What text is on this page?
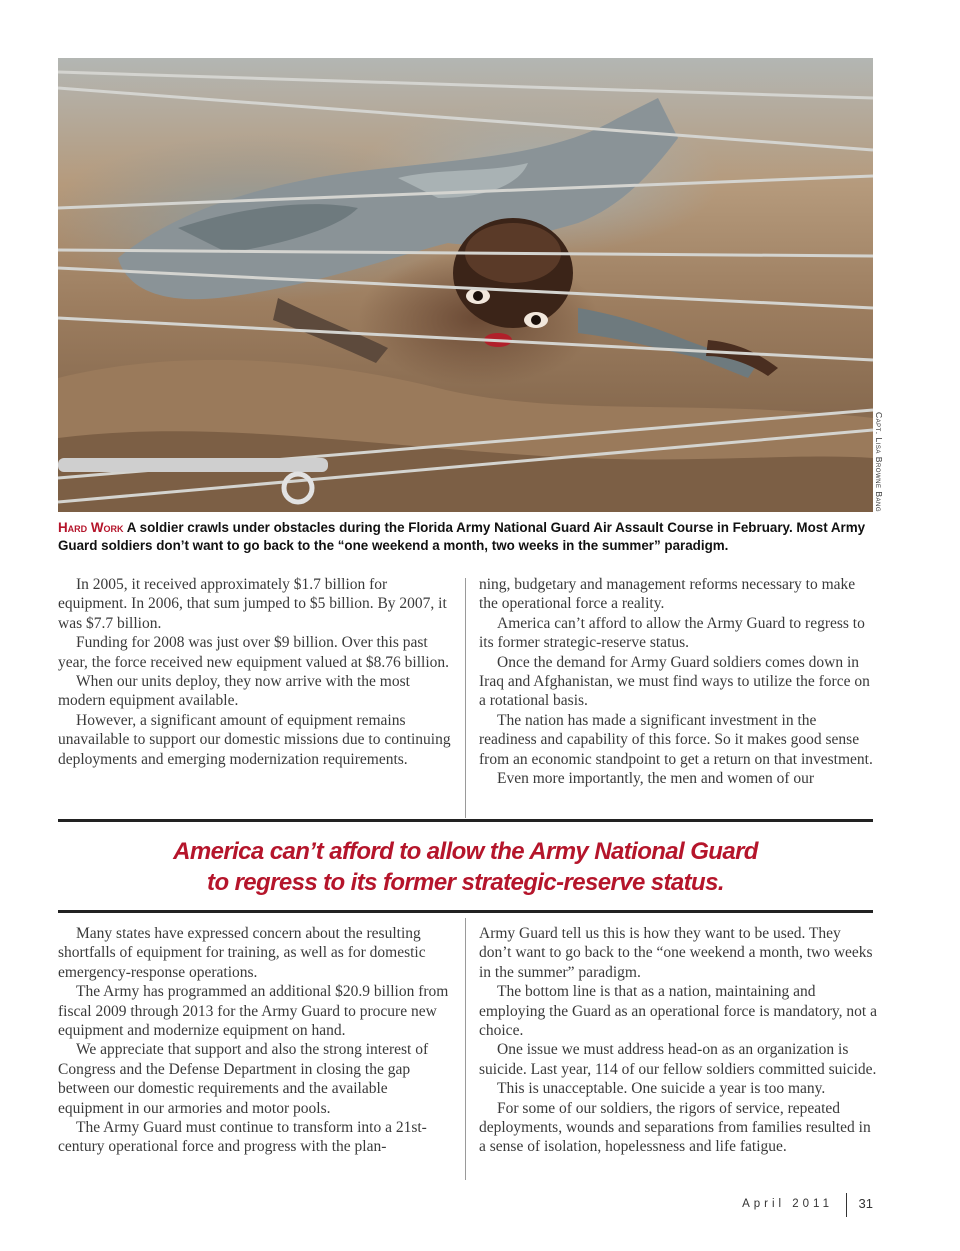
Capt. Lisa Browne Bang
Hard Work A soldier crawls under obstacles during the Florida Army National Guard Air Assault Course in February. Most Army Guard soldiers don’t want to go back to the “one weekend a month, two weeks in the summer” paradigm.

In 2005, it received approximately $1.7 billion for equipment. In 2006, that sum jumped to $5 billion. By 2007, it was $7.7 billion.

Funding for 2008 was just over $9 billion. Over this past year, the force received new equipment valued at $8.76 billion.

When our units deploy, they now arrive with the most modern equipment available.

However, a significant amount of equipment remains unavailable to support our domestic missions due to continuing deployments and emerging modernization requirements.

ning, budgetary and management reforms necessary to make the operational force a reality.

America can’t afford to allow the Army Guard to regress to its former strategic-reserve status.

Once the demand for Army Guard soldiers comes down in Iraq and Afghanistan, we must find ways to utilize the force on a rotational basis.

The nation has made a significant investment in the readiness and capability of this force. So it makes good sense from an economic standpoint to get a return on that investment.

Even more importantly, the men and women of our

America can’t afford to allow the Army National Guard
to regress to its former strategic-reserve status.

Many states have expressed concern about the resulting shortfalls of equipment for training, as well as for domestic emergency-response operations.

The Army has programmed an additional $20.9 billion from fiscal 2009 through 2013 for the Army Guard to procure new equipment and modernize equipment on hand.

We appreciate that support and also the strong interest of Congress and the Defense Department in closing the gap between our domestic requirements and the available equipment in our armories and motor pools.

The Army Guard must continue to transform into a 21st-century operational force and progress with the plan-

Army Guard tell us this is how they want to be used. They don’t want to go back to the “one weekend a month, two weeks in the summer” paradigm.

The bottom line is that as a nation, maintaining and employing the Guard as an operational force is mandatory, not a choice.

One issue we must address head-on as an organization is suicide. Last year, 114 of our fellow soldiers committed suicide.

This is unacceptable. One suicide a year is too many.

For some of our soldiers, the rigors of service, repeated deployments, wounds and separations from families resulted in a sense of isolation, hopelessness and life fatigue.

April 2011 31
